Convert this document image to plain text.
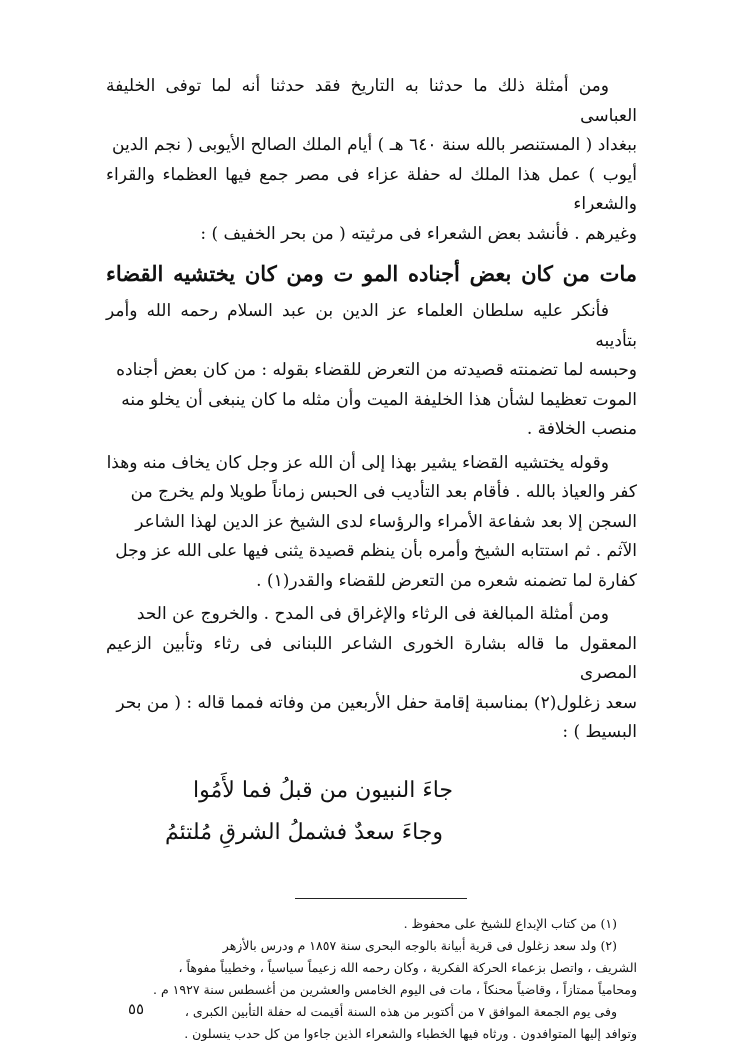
ومن أمثلة ذلك ما حدثنا به التاريخ فقد حدثنا أنه لما توفى الخليفة العباسى

ببغداد ( المستنصر بالله سنة ٦٤٠ هـ ) أيام الملك الصالح الأيوبى ( نجم الدين

أيوب ) عمل هذا الملك له حفلة عزاء فى مصر جمع فيها العظماء والقراء والشعراء

وغيرهم . فأنشد بعض الشعراء فى مرثيته ( من بحر الخفيف ) :

مات من كان بعض أجناده المو ت ومن كان يختشيه القضاء

فأنكر عليه سلطان العلماء عز الدين بن عبد السلام رحمه الله وأمر بتأديبه

وحبسه لما تضمنته قصيدته من التعرض للقضاء بقوله : من كان بعض أجناده

الموت تعظيما لشأن هذا الخليفة الميت وأن مثله ما كان ينبغى أن يخلو منه

منصب الخلافة .

وقوله يختشيه القضاء يشير بهذا إلى أن الله عز وجل كان يخاف منه وهذا

كفر والعياذ بالله . فأقام بعد التأديب فى الحبس زماناً طويلا ولم يخرج من

السجن إلا بعد شفاعة الأمراء والرؤساء لدى الشيخ عز الدين لهذا الشاعر

الآثم . ثم استتابه الشيخ وأمره بأن ينظم قصيدة يثنى فيها على الله عز وجل

كفارة لما تضمنه شعره من التعرض للقضاء والقدر(١) .

ومن أمثلة المبالغة فى الرثاء والإغراق فى المدح . والخروج عن الحد

المعقول ما قاله بشارة الخورى الشاعر اللبنانى فى رثاء وتأبين الزعيم المصرى

سعد زغلول(٢) بمناسبة إقامة حفل الأربعين من وفاته فمما قاله : ( من بحر

البسيط ) :

جاءَ النبيون من قبلُ فما لأَمُوا
وجاءَ سعدٌ فشملُ الشرقِ مُلتئمُ

(١) من كتاب الإبداع للشيخ على محفوظ .

(٢) ولد سعد زغلول فى قرية أبيانة بالوجه البحرى سنة ١٨٥٧ م ودرس بالأزهر

الشريف ، واتصل بزعماء الحركة الفكرية ، وكان رحمه الله زعيماً سياسياً ، وخطيباً مفوهاً ،

ومحامياً ممتازاً ، وقاضياً محنكاً ، مات فى اليوم الخامس والعشرين من أغسطس سنة ١٩٢٧ م .

وفى يوم الجمعة الموافق ٧ من أكتوبر من هذه السنة أقيمت له حفلة التأبين الكبرى ،

وتوافد إليها المتوافدون . ورثاه فيها الخطباء والشعراء الذين جاءوا من كل حدب ينسلون .

٥٥
